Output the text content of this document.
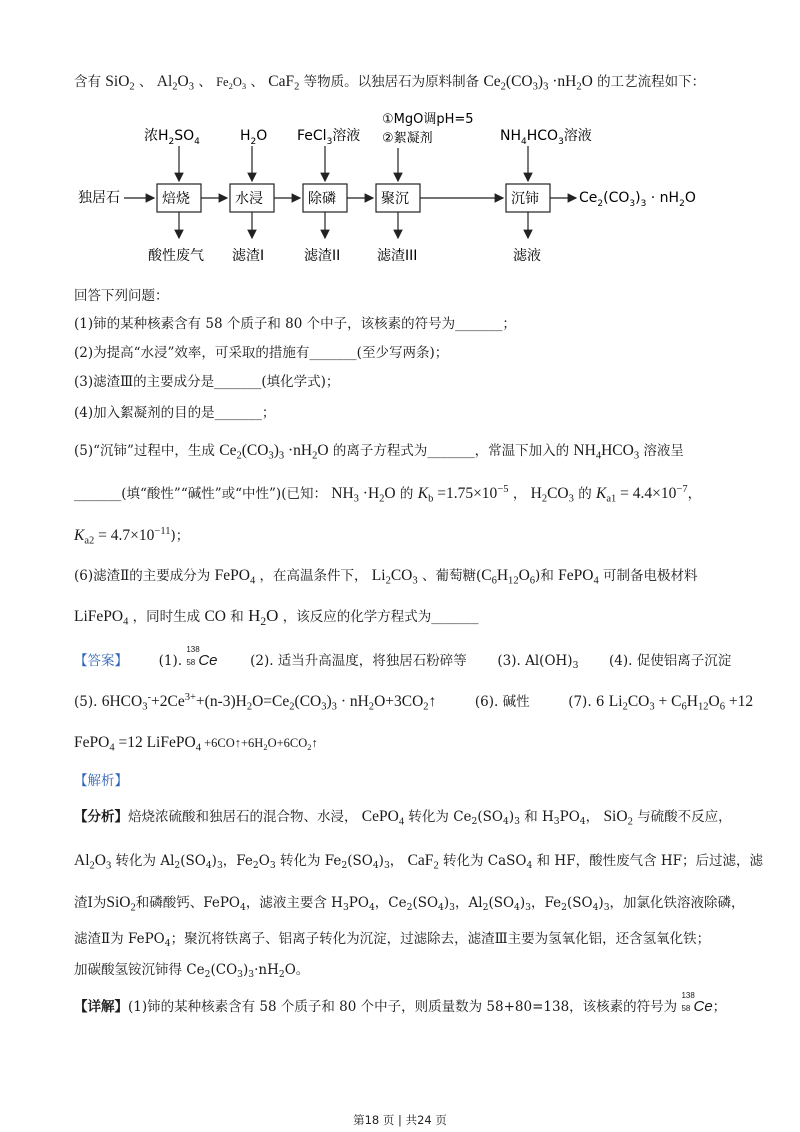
含有 SiO$_2$ 、 $Al_2O_3$ 、 $Fe_2O_3$ 、 CaF$_2$ 等物质。以独居石为原料制备 $Ce_2(CO_3)_3 \cdot nH_2O$ 的工艺流程如下：
独居石	焙烧	水浸	除磷	聚沉	沉铈	$Ce_2(CO_3)_3 \cdot nH_2O$
浓$H_2SO_4$	$H_2O$ FeCl$_3$溶液
①MgO调pH=5
②絮凝剂	$NH_4HCO_3$溶液
酸性废气 滤渣I	滤渣II	滤渣III	滤液
回答下列问题：
(1)铈的某种核素含有 58 个质子和 80 个中子，该核素的符号为_______；
(2)为提高“水浸”效率，可采取的措施有_______(至少写两条)；
(3)滤渣Ⅲ的主要成分是_______(填化学式)；
(4)加入絮凝剂的目的是_______；
(5)“沉铈”过程中，生成 $Ce_2(CO_3)_3 \cdot nH_2O$ 的离子方程式为_______，常温下加入的 $NH_4HCO_3$ 溶液呈
_______(填“酸性”“碱性”或“中性”)(已知： $NH_3 \cdot H_2O$ 的 $K_b =1.75\times 10^{-5}$ ， $H_2CO_3$ 的 $K_{a1} = 4.4\times 10^{-7}$，
$K_{a2} = 4.7\times 10^{-11}$)；
(6)滤渣Ⅱ的主要成分为 FePO$_4$ ，在高温条件下， $Li_2CO_3$ 、葡萄糖$(C_6H_{12}O_6)$和 FePO$_4$ 可制备电极材料
LiFePO$_4$ ，同时生成 CO 和 $H_2O$ ，该反应的化学方程式为_______
【答案】 (1).
138
58 Ce (2). 适当升高温度，将独居石粉碎等 (3). $Al(OH)_3$ (4). 促使铝离子沉淀
(5). $6HCO_3^-+2Ce^{3+}+(n-3)H_2O=Ce_2(CO_3)_3$ · $nH_2O+3CO_2↑$	(6). 碱性	(7). 6 $Li_2CO_3 + C_6H_{12}O_6 +12$
FePO$_4$ =12 LiFePO$_4$ $+6CO↑+6H_2O+6CO_2↑$
【解析】
【分析】焙烧浓硫酸和独居石的混合物、水浸， CePO$_4$ 转化为 $Ce_2(SO_4)_3$ 和 $H_3PO_4$， SiO$_2$ 与硫酸不反应，
$Al_2O_3$ 转化为 $Al_2(SO_4)_3$，$Fe_2O_3$ 转化为 $Fe_2(SO_4)_3$， CaF$_2$ 转化为 CaSO$_4$ 和 HF，酸性废气含 HF；后过滤，滤
渣Ⅰ为SiO$_2$和磷酸钙、FePO$_4$，滤液主要含 $H_3PO_4$，$Ce_2(SO_4)_3$，$Al_2(SO_4)_3$，$Fe_2(SO_4)_3$，加氯化铁溶液除磷，
滤渣Ⅱ为 FePO$_4$；聚沉将铁离子、铝离子转化为沉淀，过滤除去，滤渣Ⅲ主要为氢氧化铝，还含氢氧化铁；
加碳酸氢铵沉铈得 $Ce_2(CO_3)_3\cdot nH_2O$。
【详解】(1)铈的某种核素含有 58 个质子和 80 个中子，则质量数为 58+80=138，该核素的符号为
138
58 Ce；
第18 页 | 共24 页
